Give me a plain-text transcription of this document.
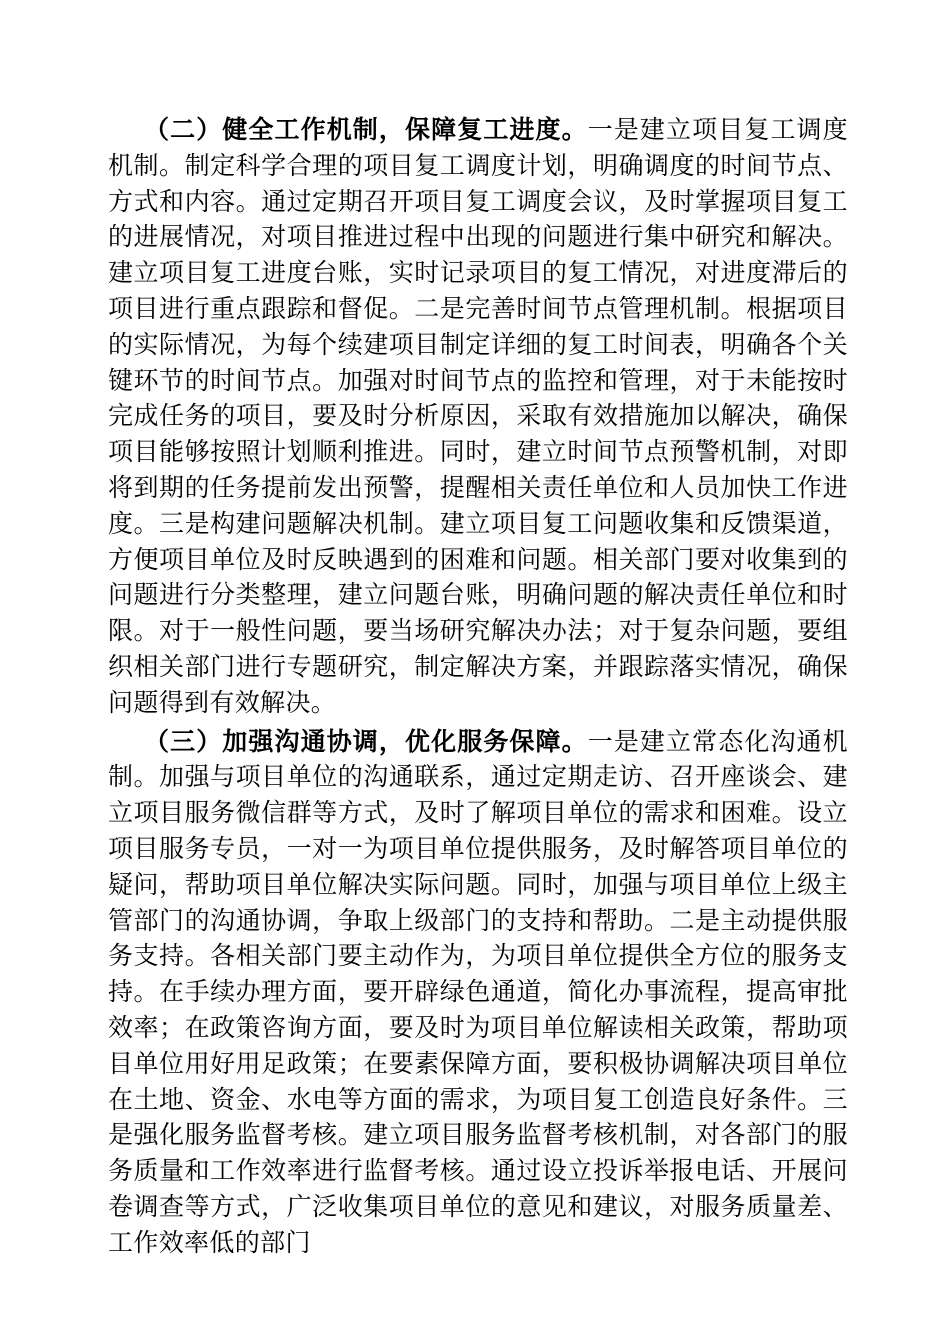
（二）健全工作机制，保障复工进度。一是建立项目复工调度机制。制定科学合理的项目复工调度计划，明确调度的时间节点、方式和内容。通过定期召开项目复工调度会议，及时掌握项目复工的进展情况，对项目推进过程中出现的问题进行集中研究和解决。建立项目复工进度台账，实时记录项目的复工情况，对进度滞后的项目进行重点跟踪和督促。二是完善时间节点管理机制。根据项目的实际情况，为每个续建项目制定详细的复工时间表，明确各个关键环节的时间节点。加强对时间节点的监控和管理，对于未能按时完成任务的项目，要及时分析原因，采取有效措施加以解决，确保项目能够按照计划顺利推进。同时，建立时间节点预警机制，对即将到期的任务提前发出预警，提醒相关责任单位和人员加快工作进度。三是构建问题解决机制。建立项目复工问题收集和反馈渠道，方便项目单位及时反映遇到的困难和问题。相关部门要对收集到的问题进行分类整理，建立问题台账，明确问题的解决责任单位和时限。对于一般性问题，要当场研究解决办法；对于复杂问题，要组织相关部门进行专题研究，制定解决方案，并跟踪落实情况，确保问题得到有效解决。

（三）加强沟通协调，优化服务保障。一是建立常态化沟通机制。加强与项目单位的沟通联系，通过定期走访、召开座谈会、建立项目服务微信群等方式，及时了解项目单位的需求和困难。设立项目服务专员，一对一为项目单位提供服务，及时解答项目单位的疑问，帮助项目单位解决实际问题。同时，加强与项目单位上级主管部门的沟通协调，争取上级部门的支持和帮助。二是主动提供服务支持。各相关部门要主动作为，为项目单位提供全方位的服务支持。在手续办理方面，要开辟绿色通道，简化办事流程，提高审批效率；在政策咨询方面，要及时为项目单位解读相关政策，帮助项目单位用好用足政策；在要素保障方面，要积极协调解决项目单位在土地、资金、水电等方面的需求，为项目复工创造良好条件。三是强化服务监督考核。建立项目服务监督考核机制，对各部门的服务质量和工作效率进行监督考核。通过设立投诉举报电话、开展问卷调查等方式，广泛收集项目单位的意见和建议，对服务质量差、工作效率低的部门
